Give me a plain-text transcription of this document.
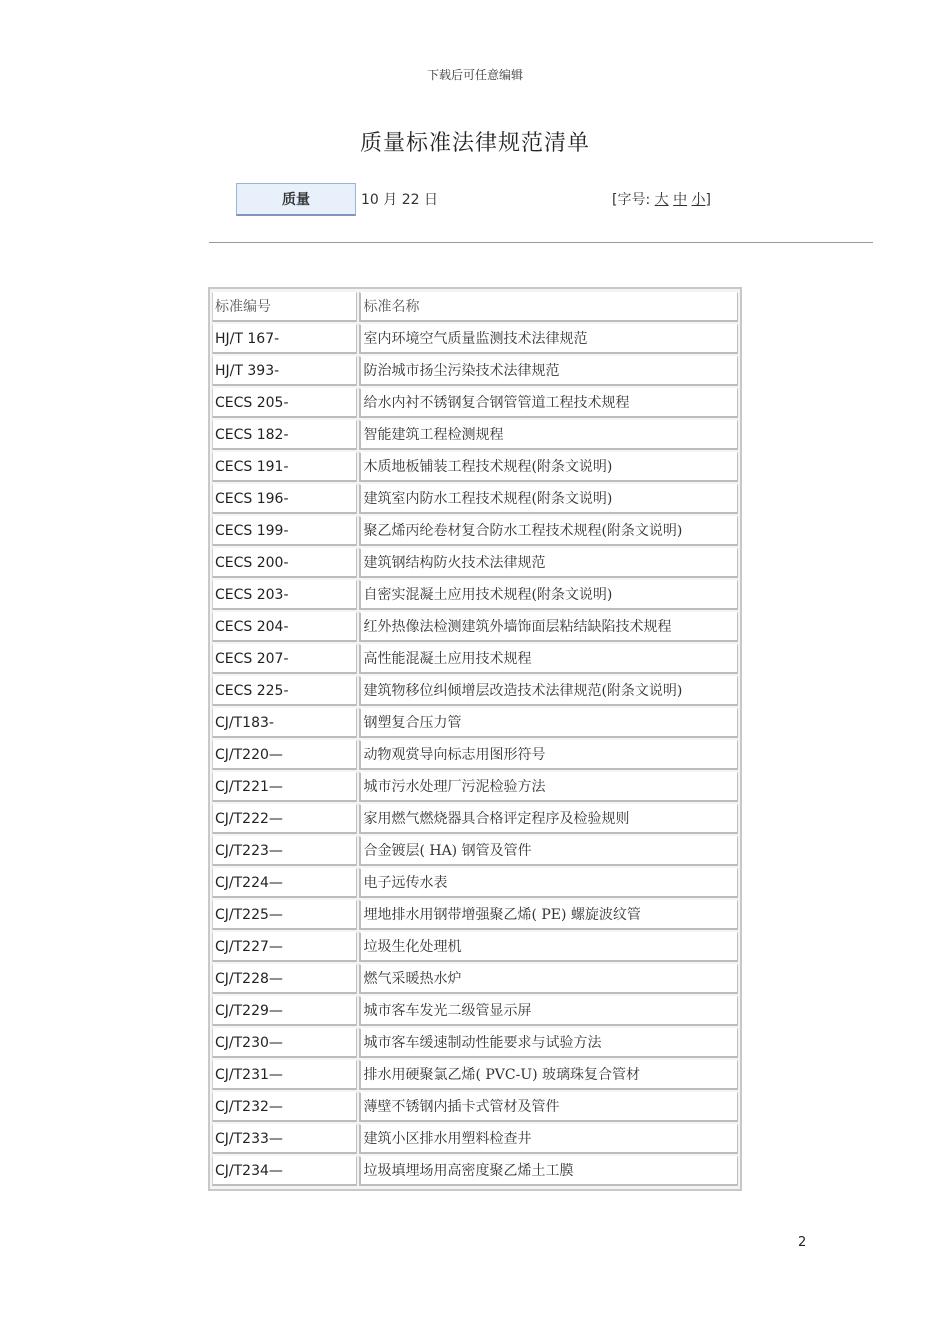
下载后可任意编辑
质量标准法律规范清单
质量	10 月 22 日	[字号: 大 中 小]
标准编号	标准名称
HJ/T 167-	室内环境空气质量监测技术法律规范
HJ/T 393-	防治城市扬尘污染技术法律规范
CECS 205-	给水内衬不锈钢复合钢管管道工程技术规程
CECS 182-	智能建筑工程检测规程
CECS 191-	木质地板铺装工程技术规程(附条文说明)
CECS 196-	建筑室内防水工程技术规程(附条文说明)
CECS 199-	聚乙烯丙纶卷材复合防水工程技术规程(附条文说明)
CECS 200-	建筑钢结构防火技术法律规范
CECS 203-	自密实混凝土应用技术规程(附条文说明)
CECS 204-	红外热像法检测建筑外墙饰面层粘结缺陷技术规程
CECS 207-	高性能混凝土应用技术规程
CECS 225-	建筑物移位纠倾增层改造技术法律规范(附条文说明)
CJ/T183-	钢塑复合压力管
CJ/T220—	动物观赏导向标志用图形符号
CJ/T221—	城市污水处理厂污泥检验方法
CJ/T222—	家用燃气燃烧器具合格评定程序及检验规则
CJ/T223—	合金镀层( HA) 钢管及管件
CJ/T224—	电子远传水表
CJ/T225—	埋地排水用钢带增强聚乙烯( PE) 螺旋波纹管
CJ/T227—	垃圾生化处理机
CJ/T228—	燃气采暖热水炉
CJ/T229—	城市客车发光二级管显示屏
CJ/T230—	城市客车缓速制动性能要求与试验方法
CJ/T231—	排水用硬聚氯乙烯( PVC-U) 玻璃珠复合管材
CJ/T232—	薄壁不锈钢内插卡式管材及管件
CJ/T233—	建筑小区排水用塑料检查井
CJ/T234—	垃圾填埋场用高密度聚乙烯土工膜
2
